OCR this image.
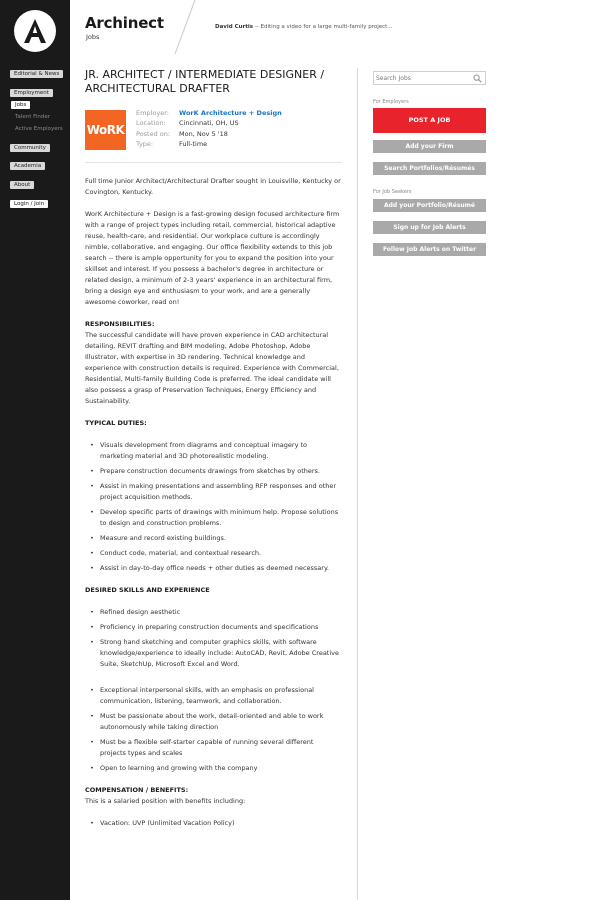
Editorial & News
Employment
Jobs
Talent Finder
Active Employers
Community
Academia
About
Login / Join
Archinect
Jobs
David Curtis -- Editing a video for a large multi-family project...
JR. ARCHITECT / INTERMEDIATE DESIGNER / ARCHITECTURAL DRAFTER
WoRK
Employer: WorK Architecture + Design
Location: Cincinnati, OH, US
Posted on: Mon, Nov 5 '18
Type:	Full-time

Full time Junior Architect/Architectural Drafter sought in Louisville, Kentucky or Covington, Kentucky.

WorK Architecture + Design is a fast-growing design focused architecture firm with a range of project types including retail, commercial, historical adaptive reuse, health-care, and residential. Our workplace culture is accordingly nimble, collaborative, and engaging. Our office flexibility extends to this job search -- there is ample opportunity for you to expand the position into your skillset and interest. If you possess a bachelor's degree in architecture or related design, a minimum of 2-3 years' experience in an architectural firm, bring a design eye and enthusiasm to your work, and are a generally awesome coworker, read on!

RESPONSIBILITIES:

The successful candidate will have proven experience in CAD architectural detailing, REVIT drafting and BIM modeling, Adobe Photoshop, Adobe Illustrator, with expertise in 3D rendering. Technical knowledge and experience with construction details is required. Experience with Commercial, Residential, Multi-family Building Code is preferred. The ideal candidate will also possess a grasp of Preservation Techniques, Energy Efficiency and Sustainability.

TYPICAL DUTIES:
• Visuals development from diagrams and conceptual imagery to marketing material and 3D photorealistic modeling.
• Prepare construction documents drawings from sketches by others.
• Assist in making presentations and assembling RFP responses and other project acquisition methods.
• Develop specific parts of drawings with minimum help. Propose solutions to design and construction problems.
• Measure and record existing buildings.
• Conduct code, material, and contextual research.
• Assist in day-to-day office needs + other duties as deemed necessary.
DESIRED SKILLS AND EXPERIENCE
• Refined design aesthetic
• Proficiency in preparing construction documents and specifications
• Strong hand sketching and computer graphics skills, with software knowledge/experience to ideally include: AutoCAD, Revit, Adobe Creative Suite, SketchUp, Microsoft Excel and Word.
• Exceptional interpersonal skills, with an emphasis on professional communication, listening, teamwork, and collaboration.
• Must be passionate about the work, detail-oriented and able to work autonomously while taking direction
• Must be a flexible self-starter capable of running several different projects types and scales
• Open to learning and growing with the company
COMPENSATION / BENEFITS:

This is a salaried position with benefits including:

• Vacation: UVP (Unlimited Vacation Policy)
Search Jobs
For Employers
POST A JOB
Add your Firm
Search Portfolios/Résumés
For Job Seekers
Add your Portfolio/Résumé
Sign up for Job Alerts
Follow Job Alerts on Twitter
